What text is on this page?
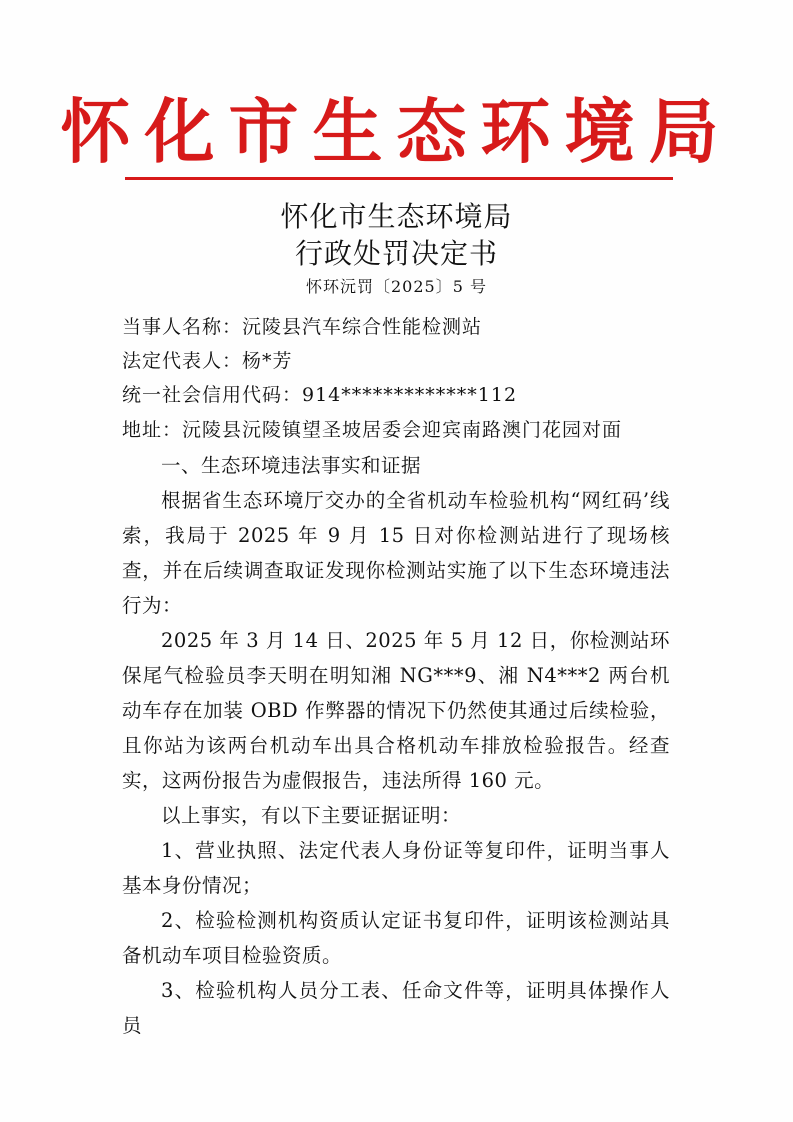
怀化市生态环境局
怀化市生态环境局
行政处罚决定书
怀环沅罚〔2025〕5 号
当事人名称：沅陵县汽车综合性能检测站
法定代表人：杨*芳
统一社会信用代码：914*************112
地址：沅陵县沅陵镇望圣坡居委会迎宾南路澳门花园对面

一、生态环境违法事实和证据

根据省生态环境厅交办的全省机动车检验机构“网红码’线索，我局于 2025 年 9 月 15 日对你检测站进行了现场核查，并在后续调查取证发现你检测站实施了以下生态环境违法行为：

2025 年 3 月 14 日、2025 年 5 月 12 日，你检测站环保尾气检验员李天明在明知湘 NG***9、湘 N4***2 两台机动车存在加装 OBD 作弊器的情况下仍然使其通过后续检验，且你站为该两台机动车出具合格机动车排放检验报告。经查实，这两份报告为虚假报告，违法所得 160 元。

以上事实，有以下主要证据证明：

1、营业执照、法定代表人身份证等复印件，证明当事人基本身份情况；

2、检验检测机构资质认定证书复印件，证明该检测站具备机动车项目检验资质。

3、检验机构人员分工表、任命文件等，证明具体操作人员
